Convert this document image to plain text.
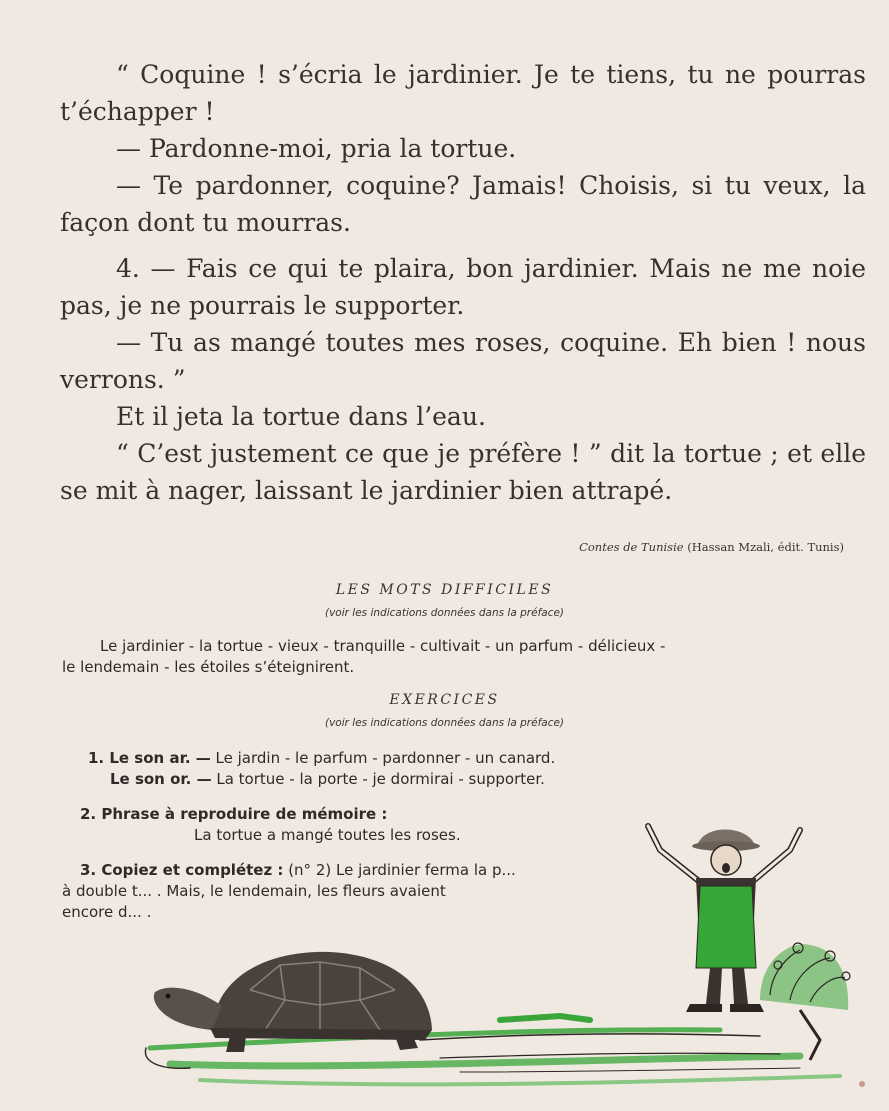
“ Coquine ! s’écria le jardinier. Je te tiens, tu ne pourras t’échapper !

— Pardonne-moi, pria la tortue.

— Te pardonner, coquine? Jamais! Choisis, si tu veux, la façon dont tu mourras.

4. — Fais ce qui te plaira, bon jardinier. Mais ne me noie pas, je ne pourrais le supporter.

— Tu as mangé toutes mes roses, coquine. Eh bien ! nous verrons. ”

Et il jeta la tortue dans l’eau.

“ C’est justement ce que je préfère ! ” dit la tortue ; et elle se mit à nager, laissant le jardinier bien attrapé.

Contes de Tunisie (Hassan Mzali, édit. Tunis)
LES MOTS DIFFICILES
(voir les indications données dans la préface)
Le jardinier - la tortue - vieux - tranquille - cultivait - un parfum - délicieux -
le lendemain - les étoiles s’éteignirent.
EXERCICES
(voir les indications données dans la préface)
1. Le son ar. — Le jardin - le parfum - pardonner - un canard.
Le son or. — La tortue - la porte - je dormirai - supporter.
2. Phrase à reproduire de mémoire :
La tortue a mangé toutes les roses.
3. Copiez et complétez : (n° 2) Le jardinier ferma la p...
à double t... . Mais, le lendemain, les fleurs avaient
encore d... .
